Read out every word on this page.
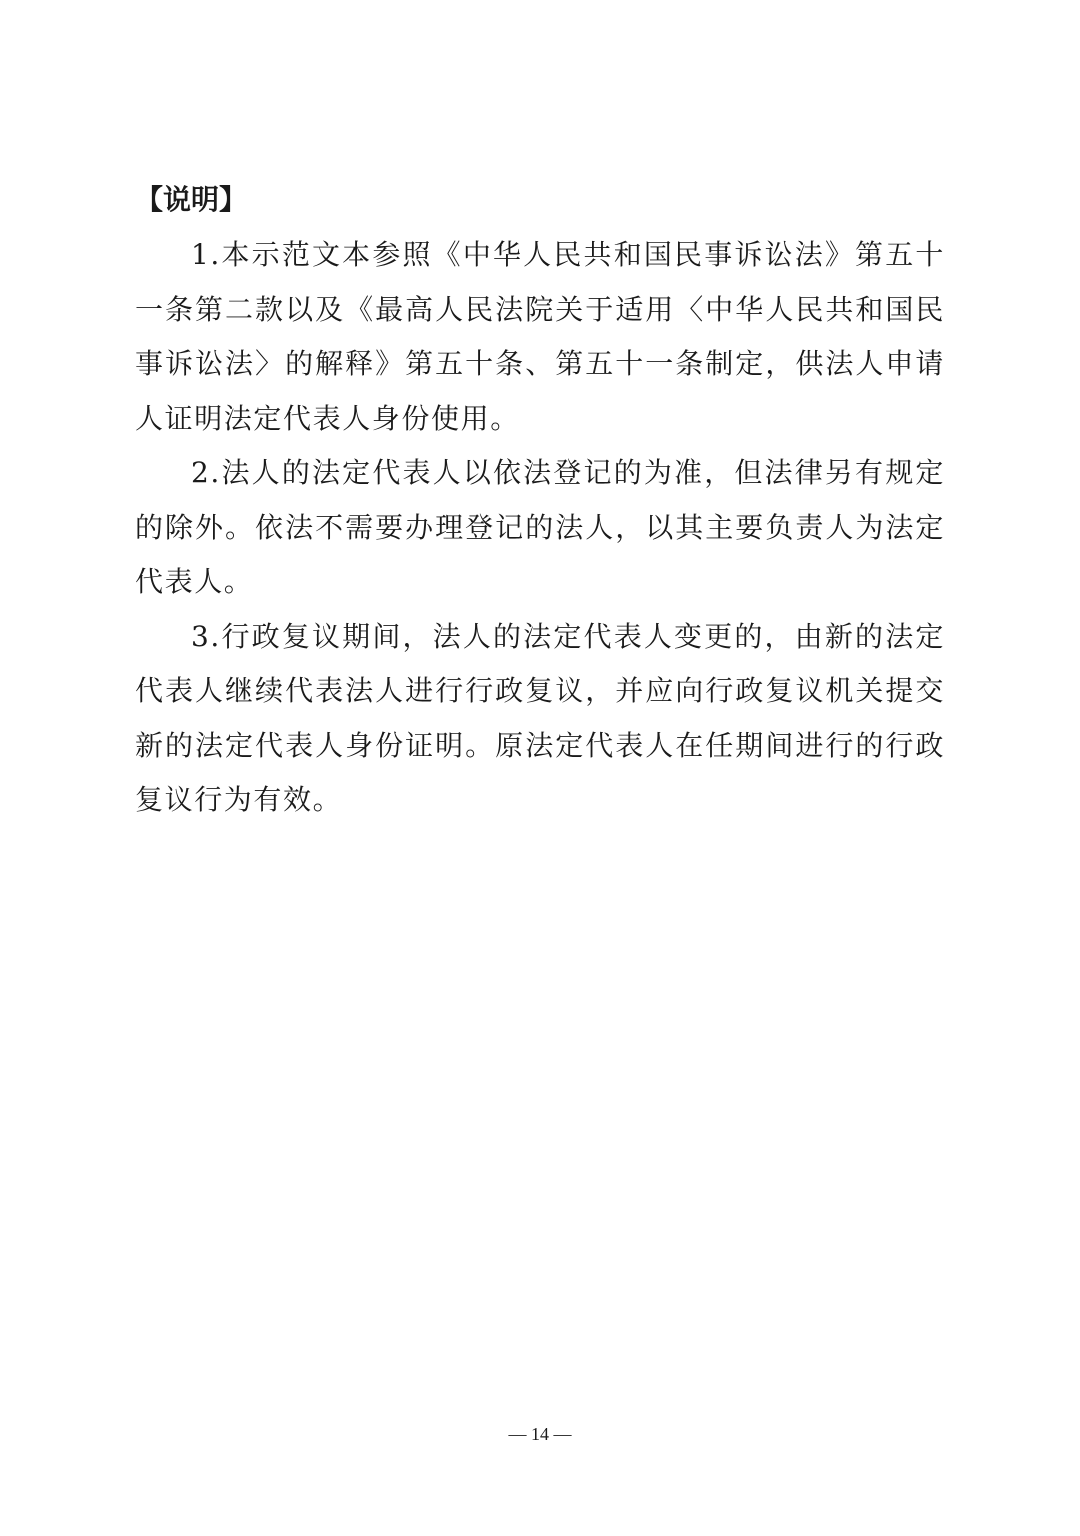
【说明】

1.本示范文本参照《中华人民共和国民事诉讼法》第五十一条第二款以及《最高人民法院关于适用〈中华人民共和国民事诉讼法〉的解释》第五十条、第五十一条制定，供法人申请人证明法定代表人身份使用。

2.法人的法定代表人以依法登记的为准，但法律另有规定的除外。依法不需要办理登记的法人，以其主要负责人为法定代表人。

3.行政复议期间，法人的法定代表人变更的，由新的法定代表人继续代表法人进行行政复议，并应向行政复议机关提交新的法定代表人身份证明。原法定代表人在任期间进行的行政复议行为有效。

— 14 —
